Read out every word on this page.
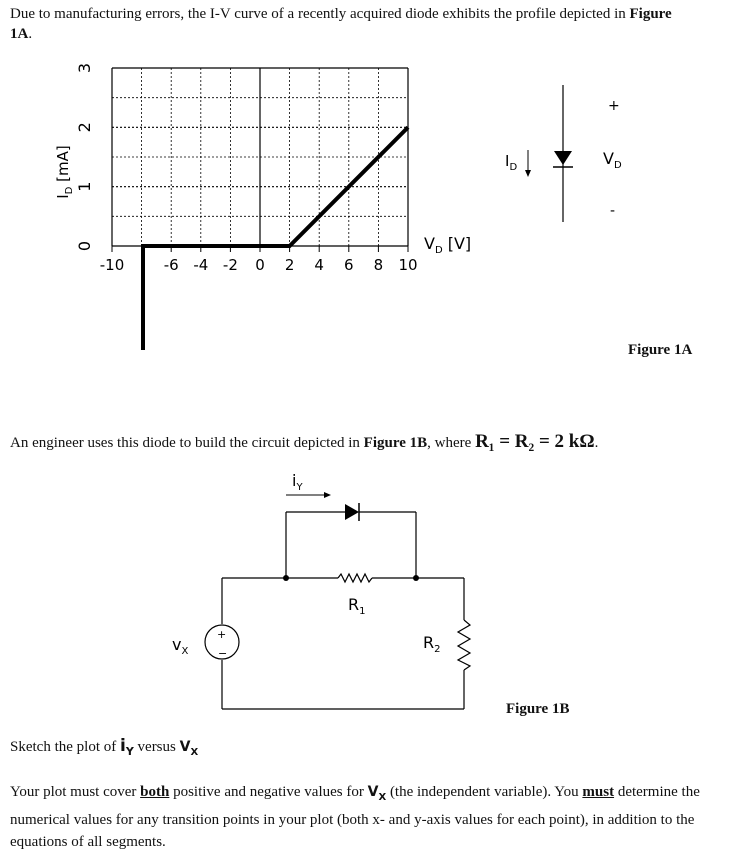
Due to manufacturing errors, the I-V curve of a recently acquired diode exhibits the profile depicted in Figure
1A.
3
2
1
0
-10	-6 -4 -2 0 2 4 6 8 10
$I_D$ [mA]
$V_D$ [V]
$I_D$	$V_D$
+
-
Figure 1A
An engineer uses this diode to build the circuit depicted in Figure 1B, where R₁ = R₂ = 2 kΩ.
$i_Y$
$R_1$
$R_2$
$v_X$
+
−
Figure 1B
Sketch the plot of $i_Y$ versus $V_X$
Your plot must cover both positive and negative values for $V_X$ (the independent variable). You must determine the numerical values for any transition points in your plot (both x- and y-axis values for each point), in addition to the equations of all segments.
